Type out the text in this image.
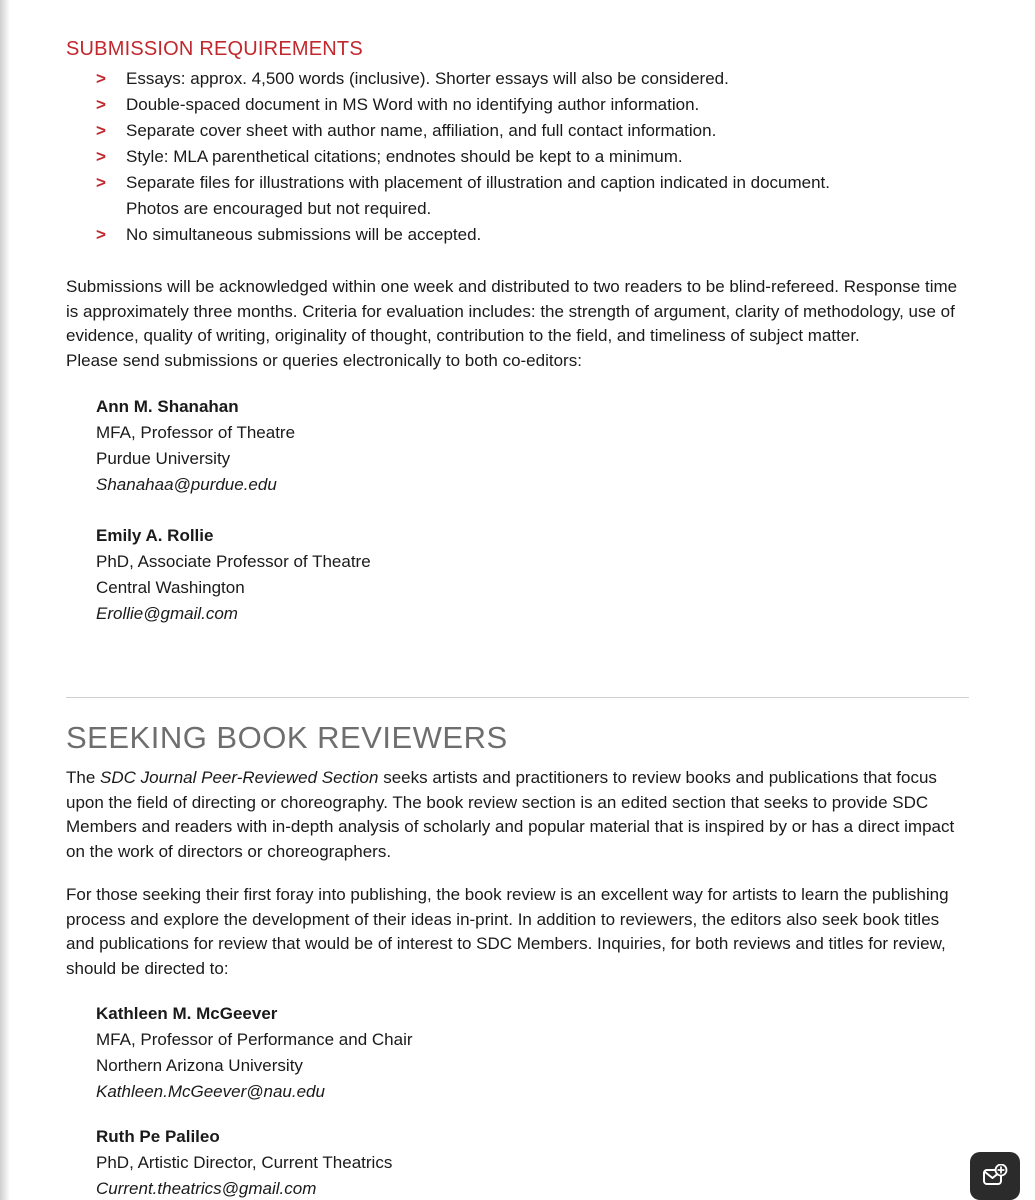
SUBMISSION REQUIREMENTS
> Essays: approx. 4,500 words (inclusive). Shorter essays will also be considered.
> Double-spaced document in MS Word with no identifying author information.
> Separate cover sheet with author name, affiliation, and full contact information.
> Style: MLA parenthetical citations; endnotes should be kept to a minimum.
> Separate files for illustrations with placement of illustration and caption indicated in document.
Photos are encouraged but not required.
> No simultaneous submissions will be accepted.

Submissions will be acknowledged within one week and distributed to two readers to be blind-refereed. Response time is approximately three months. Criteria for evaluation includes: the strength of argument, clarity of methodology, use of evidence, quality of writing, originality of thought, contribution to the field, and timeliness of subject matter.
Please send submissions or queries electronically to both co-editors:

Ann M. Shanahan
MFA, Professor of Theatre
Purdue University
Shanahaa@purdue.edu
Emily A. Rollie
PhD, Associate Professor of Theatre
Central Washington
Erollie@gmail.com
SEEKING BOOK REVIEWERS

The SDC Journal Peer-Reviewed Section seeks artists and practitioners to review books and publications that focus upon the field of directing or choreography. The book review section is an edited section that seeks to provide SDC Members and readers with in-depth analysis of scholarly and popular material that is inspired by or has a direct impact on the work of directors or choreographers.

For those seeking their first foray into publishing, the book review is an excellent way for artists to learn the publishing process and explore the development of their ideas in-print. In addition to reviewers, the editors also seek book titles and publications for review that would be of interest to SDC Members. Inquiries, for both reviews and titles for review, should be directed to:

Kathleen M. McGeever
MFA, Professor of Performance and Chair
Northern Arizona University
Kathleen.McGeever@nau.edu
Ruth Pe Palileo
PhD, Artistic Director, Current Theatrics
Current.theatrics@gmail.com
